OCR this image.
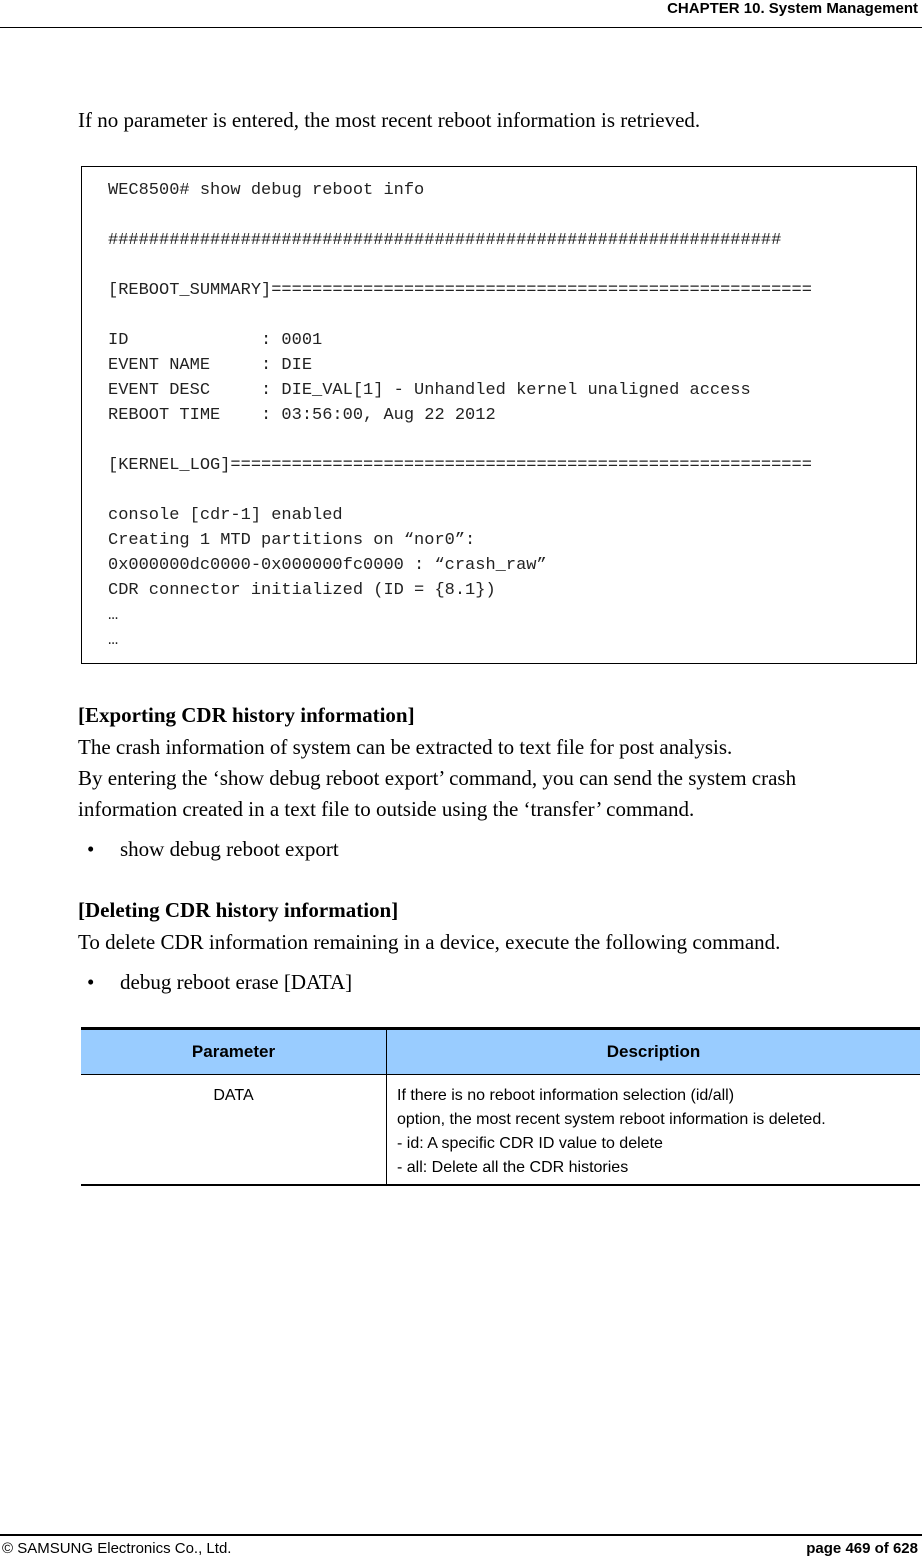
CHAPTER 10. System Management
If no parameter is entered, the most recent reboot information is retrieved.
WEC8500# show debug reboot info
##################################################################
[REBOOT_SUMMARY]=====================================================
ID             : 0001
EVENT NAME     : DIE
EVENT DESC     : DIE_VAL[1] - Unhandled kernel unaligned access
REBOOT TIME    : 03:56:00, Aug 22 2012
[KERNEL_LOG]=========================================================
console [cdr-1] enabled
Creating 1 MTD partitions on “nor0”:
0x000000dc0000-0x000000fc0000 : “crash_raw”
CDR connector initialized (ID = {8.1})
…
…
[Exporting CDR history information]
The crash information of system can be extracted to text file for post analysis.
By entering the ‘show debug reboot export’ command, you can send the system crash
information created in a text file to outside using the ‘transfer’ command.
• show debug reboot export
[Deleting CDR history information]
To delete CDR information remaining in a device, execute the following command.
• debug reboot erase [DATA]
Parameter	Description
DATA	If there is no reboot information selection (id/all)
option, the most recent system reboot information is deleted.
- id: A specific CDR ID value to delete
- all: Delete all the CDR histories
© SAMSUNG Electronics Co., Ltd.	page 469 of 628
